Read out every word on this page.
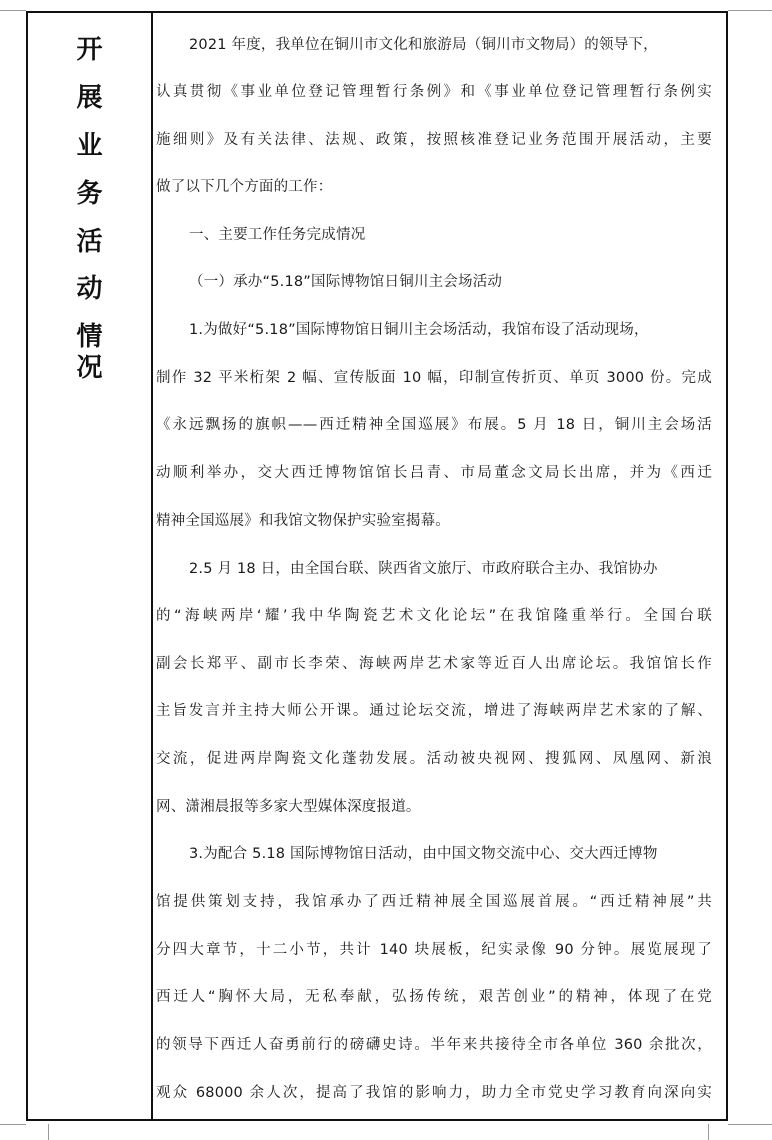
开
展
业
务
活
动
情
况
2021 年度，我单位在铜川市文化和旅游局（铜川市文物局）的领导下，
认真贯彻《事业单位登记管理暂行条例》和《事业单位登记管理暂行条例实
施细则》及有关法律、法规、政策，按照核准登记业务范围开展活动，主要
做了以下几个方面的工作：
一、主要工作任务完成情况
（一）承办“5.18”国际博物馆日铜川主会场活动
1.为做好“5.18”国际博物馆日铜川主会场活动，我馆布设了活动现场，
制作 32 平米桁架 2 幅、宣传版面 10 幅，印制宣传折页、单页 3000 份。完成
《永远飘扬的旗帜——西迁精神全国巡展》布展。5 月 18 日，铜川主会场活
动顺利举办，交大西迁博物馆馆长吕青、市局董念文局长出席，并为《西迁
精神全国巡展》和我馆文物保护实验室揭幕。
2.5 月 18 日，由全国台联、陕西省文旅厅、市政府联合主办、我馆协办
的“海峡两岸‘耀’我中华陶瓷艺术文化论坛”在我馆隆重举行。全国台联
副会长郑平、副市长李荣、海峡两岸艺术家等近百人出席论坛。我馆馆长作
主旨发言并主持大师公开课。通过论坛交流，增进了海峡两岸艺术家的了解、
交流，促进两岸陶瓷文化蓬勃发展。活动被央视网、搜狐网、凤凰网、新浪
网、潇湘晨报等多家大型媒体深度报道。
3.为配合 5.18 国际博物馆日活动，由中国文物交流中心、交大西迁博物
馆提供策划支持，我馆承办了西迁精神展全国巡展首展。“西迁精神展”共
分四大章节，十二小节，共计 140 块展板，纪实录像 90 分钟。展览展现了
西迁人“胸怀大局，无私奉献，弘扬传统，艰苦创业”的精神，体现了在党
的领导下西迁人奋勇前行的磅礴史诗。半年来共接待全市各单位 360 余批次，
观众 68000 余人次，提高了我馆的影响力，助力全市党史学习教育向深向实
